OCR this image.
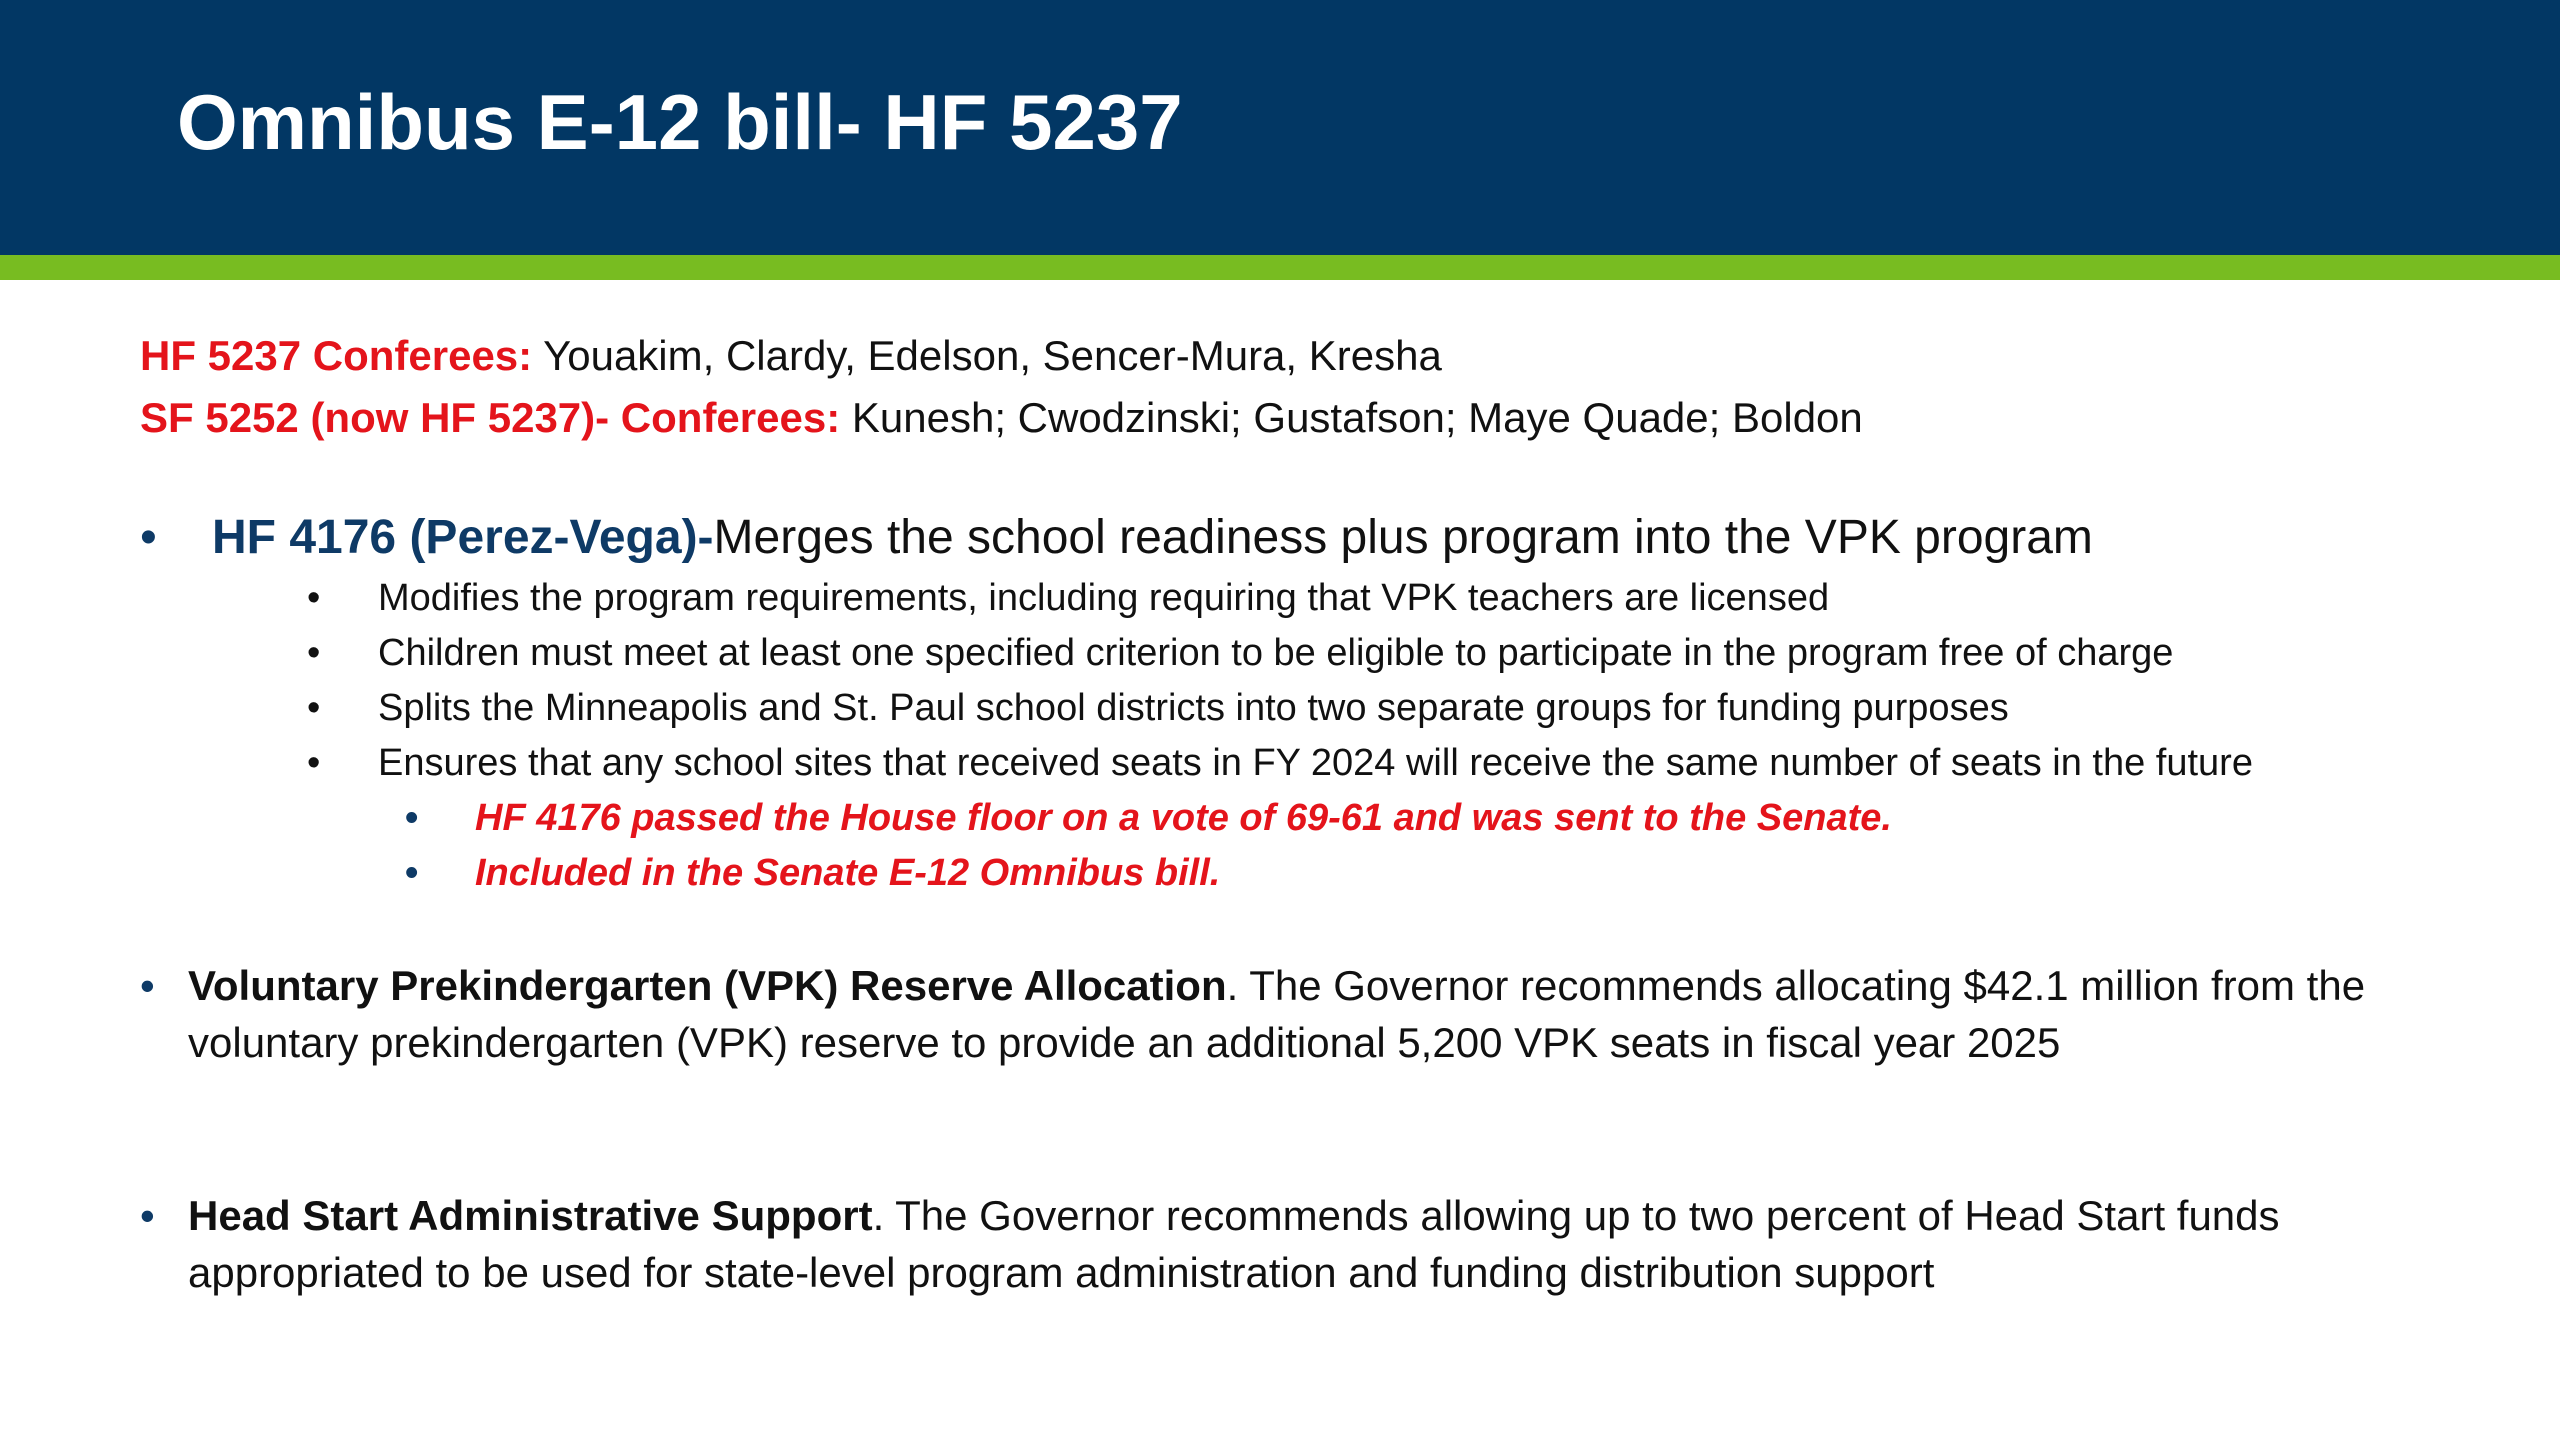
Omnibus E-12 bill- HF 5237
HF 5237 Conferees: Youakim, Clardy, Edelson, Sencer-Mura, Kresha
SF 5252 (now HF 5237)- Conferees: Kunesh; Cwodzinski; Gustafson; Maye Quade; Boldon
• HF 4176 (Perez-Vega)-Merges the school readiness plus program into the VPK program
• Modifies the program requirements, including requiring that VPK teachers are licensed
• Children must meet at least one specified criterion to be eligible to participate in the program free of charge
• Splits the Minneapolis and St. Paul school districts into two separate groups for funding purposes
• Ensures that any school sites that received seats in FY 2024 will receive the same number of seats in the future
• HF 4176 passed the House floor on a vote of 69-61 and was sent to the Senate.
• Included in the Senate E-12 Omnibus bill.
• Voluntary Prekindergarten (VPK) Reserve Allocation. The Governor recommends allocating $42.1 million from the voluntary prekindergarten (VPK) reserve to provide an additional 5,200 VPK seats in fiscal year 2025
• Head Start Administrative Support. The Governor recommends allowing up to two percent of Head Start funds appropriated to be used for state-level program administration and funding distribution support
